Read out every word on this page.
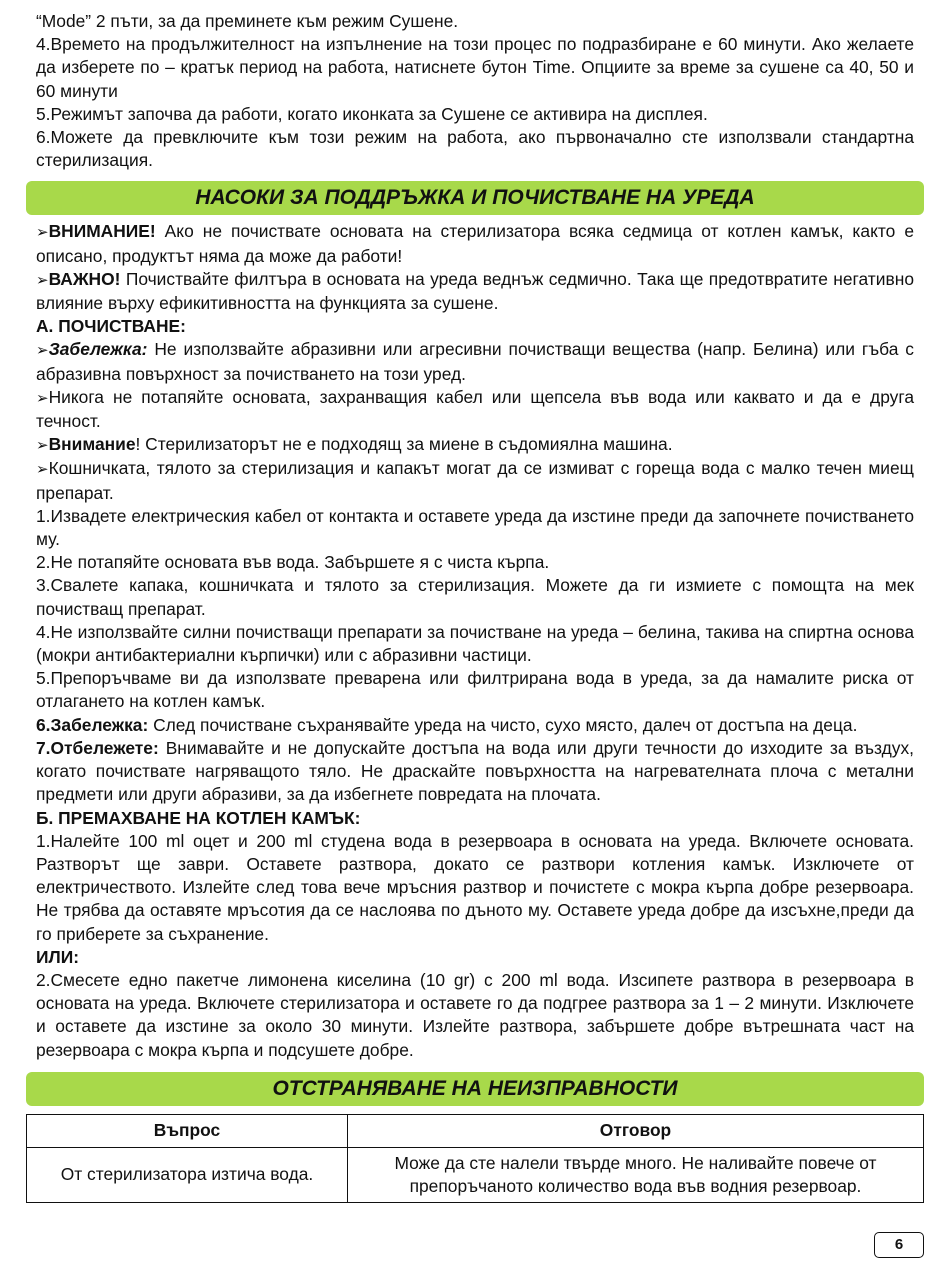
“Mode” 2 пъти, за да преминете към режим Сушене.

4.Времето на продължителност на изпълнение на този процес по подразбиране е 60 минути. Ако желаете да изберете по – кратък период на работа, натиснете бутон Time. Опциите за време за сушене са 40, 50 и 60 минути

5.Режимът започва да работи, когато иконката за Сушене се активира на дисплея.

6.Можете да превключите към този режим на работа, ако първоначално сте използвали стандартна стерилизация.

НАСОКИ ЗА ПОДДРЪЖКА И ПОЧИСТВАНЕ НА УРЕДА

➢ВНИМАНИЕ! Ако не почиствате основата на стерилизатора всяка седмица от котлен камък, както е описано, продуктът няма да може да работи!

➢ВАЖНО! Почиствайте филтъра в основата на уреда веднъж седмично. Така ще предотвратите негативно влияние върху ефикитивността на функцията за сушене.

А. ПОЧИСТВАНЕ:

➢Забележка: Не използвайте абразивни или агресивни почистващи вещества (напр. Белина) или гъба с абразивна повърхност за почистването на този уред.

➢Никога не потапяйте основата, захранващия кабел или щепсела във вода или каквато и да е друга течност.

➢Внимание! Стерилизаторът не е подходящ за миене в съдомиялна машина.

➢Кошничката, тялото за стерилизация и капакът могат да се измиват с гореща вода с малко течен миещ препарат.

1.Извадете електрическия кабел от контакта и оставете уреда да изстине преди да започнете почистването му.

2.Не потапяйте основата във вода. Забършете я с чиста кърпа.

3.Свалете капака, кошничката и тялото за стерилизация. Можете да ги измиете с помощта на мек почистващ препарат.

4.Не използвайте силни почистващи препарати за почистване на уреда – белина, такива на спиртна основа (мокри антибактериални кърпички) или с абразивни частици.

5.Препоръчваме ви да използвате преварена или филтрирана вода в уреда, за да намалите риска от отлагането на котлен камък.

6.Забележка: След почистване съхранявайте уреда на чисто, сухо място, далеч от достъпа на деца.

7.Отбележете: Внимавайте и не допускайте достъпа на вода или други течности до изходите за въздух, когато почиствате нагряващото тяло. Не драскайте повърхността на нагревателната плоча с метални предмети или други абразиви, за да избегнете повредата на плочата.

Б. ПРЕМАХВАНЕ НА КОТЛЕН КАМЪК:

1.Налейте 100 ml оцет и 200 ml студена вода в резервоара в основата на уреда. Включете основата. Разтворът ще заври. Оставете разтвора, докато се разтвори котления камък. Изключете от електричеството. Излейте след това вече мръсния разтвор и почистете с мокра кърпа добре резервоара. Не трябва да оставяте мръсотия да се наслоява по дъното му. Оставете уреда добре да изсъхне,преди да го приберете за съхранение.

ИЛИ:

2.Смесете едно пакетче лимонена киселина (10 gr) с 200 ml вода. Изсипете разтвора в резервоара в основата на уреда. Включете стерилизатора и оставете го да подгрее разтвора за 1 – 2 минути. Изключете и оставете да изстине за около 30 минути. Излейте разтвора, забършете добре вътрешната част на резервоара с мокра кърпа и подсушете добре.

ОТСТРАНЯВАНЕ НА НЕИЗПРАВНОСТИ
Въпрос	Отговор
От стерилизатора изтича вода.	Може да сте налели твърде много. Не наливайте повече от препоръчаното количество вода във водния резервоар.
6
